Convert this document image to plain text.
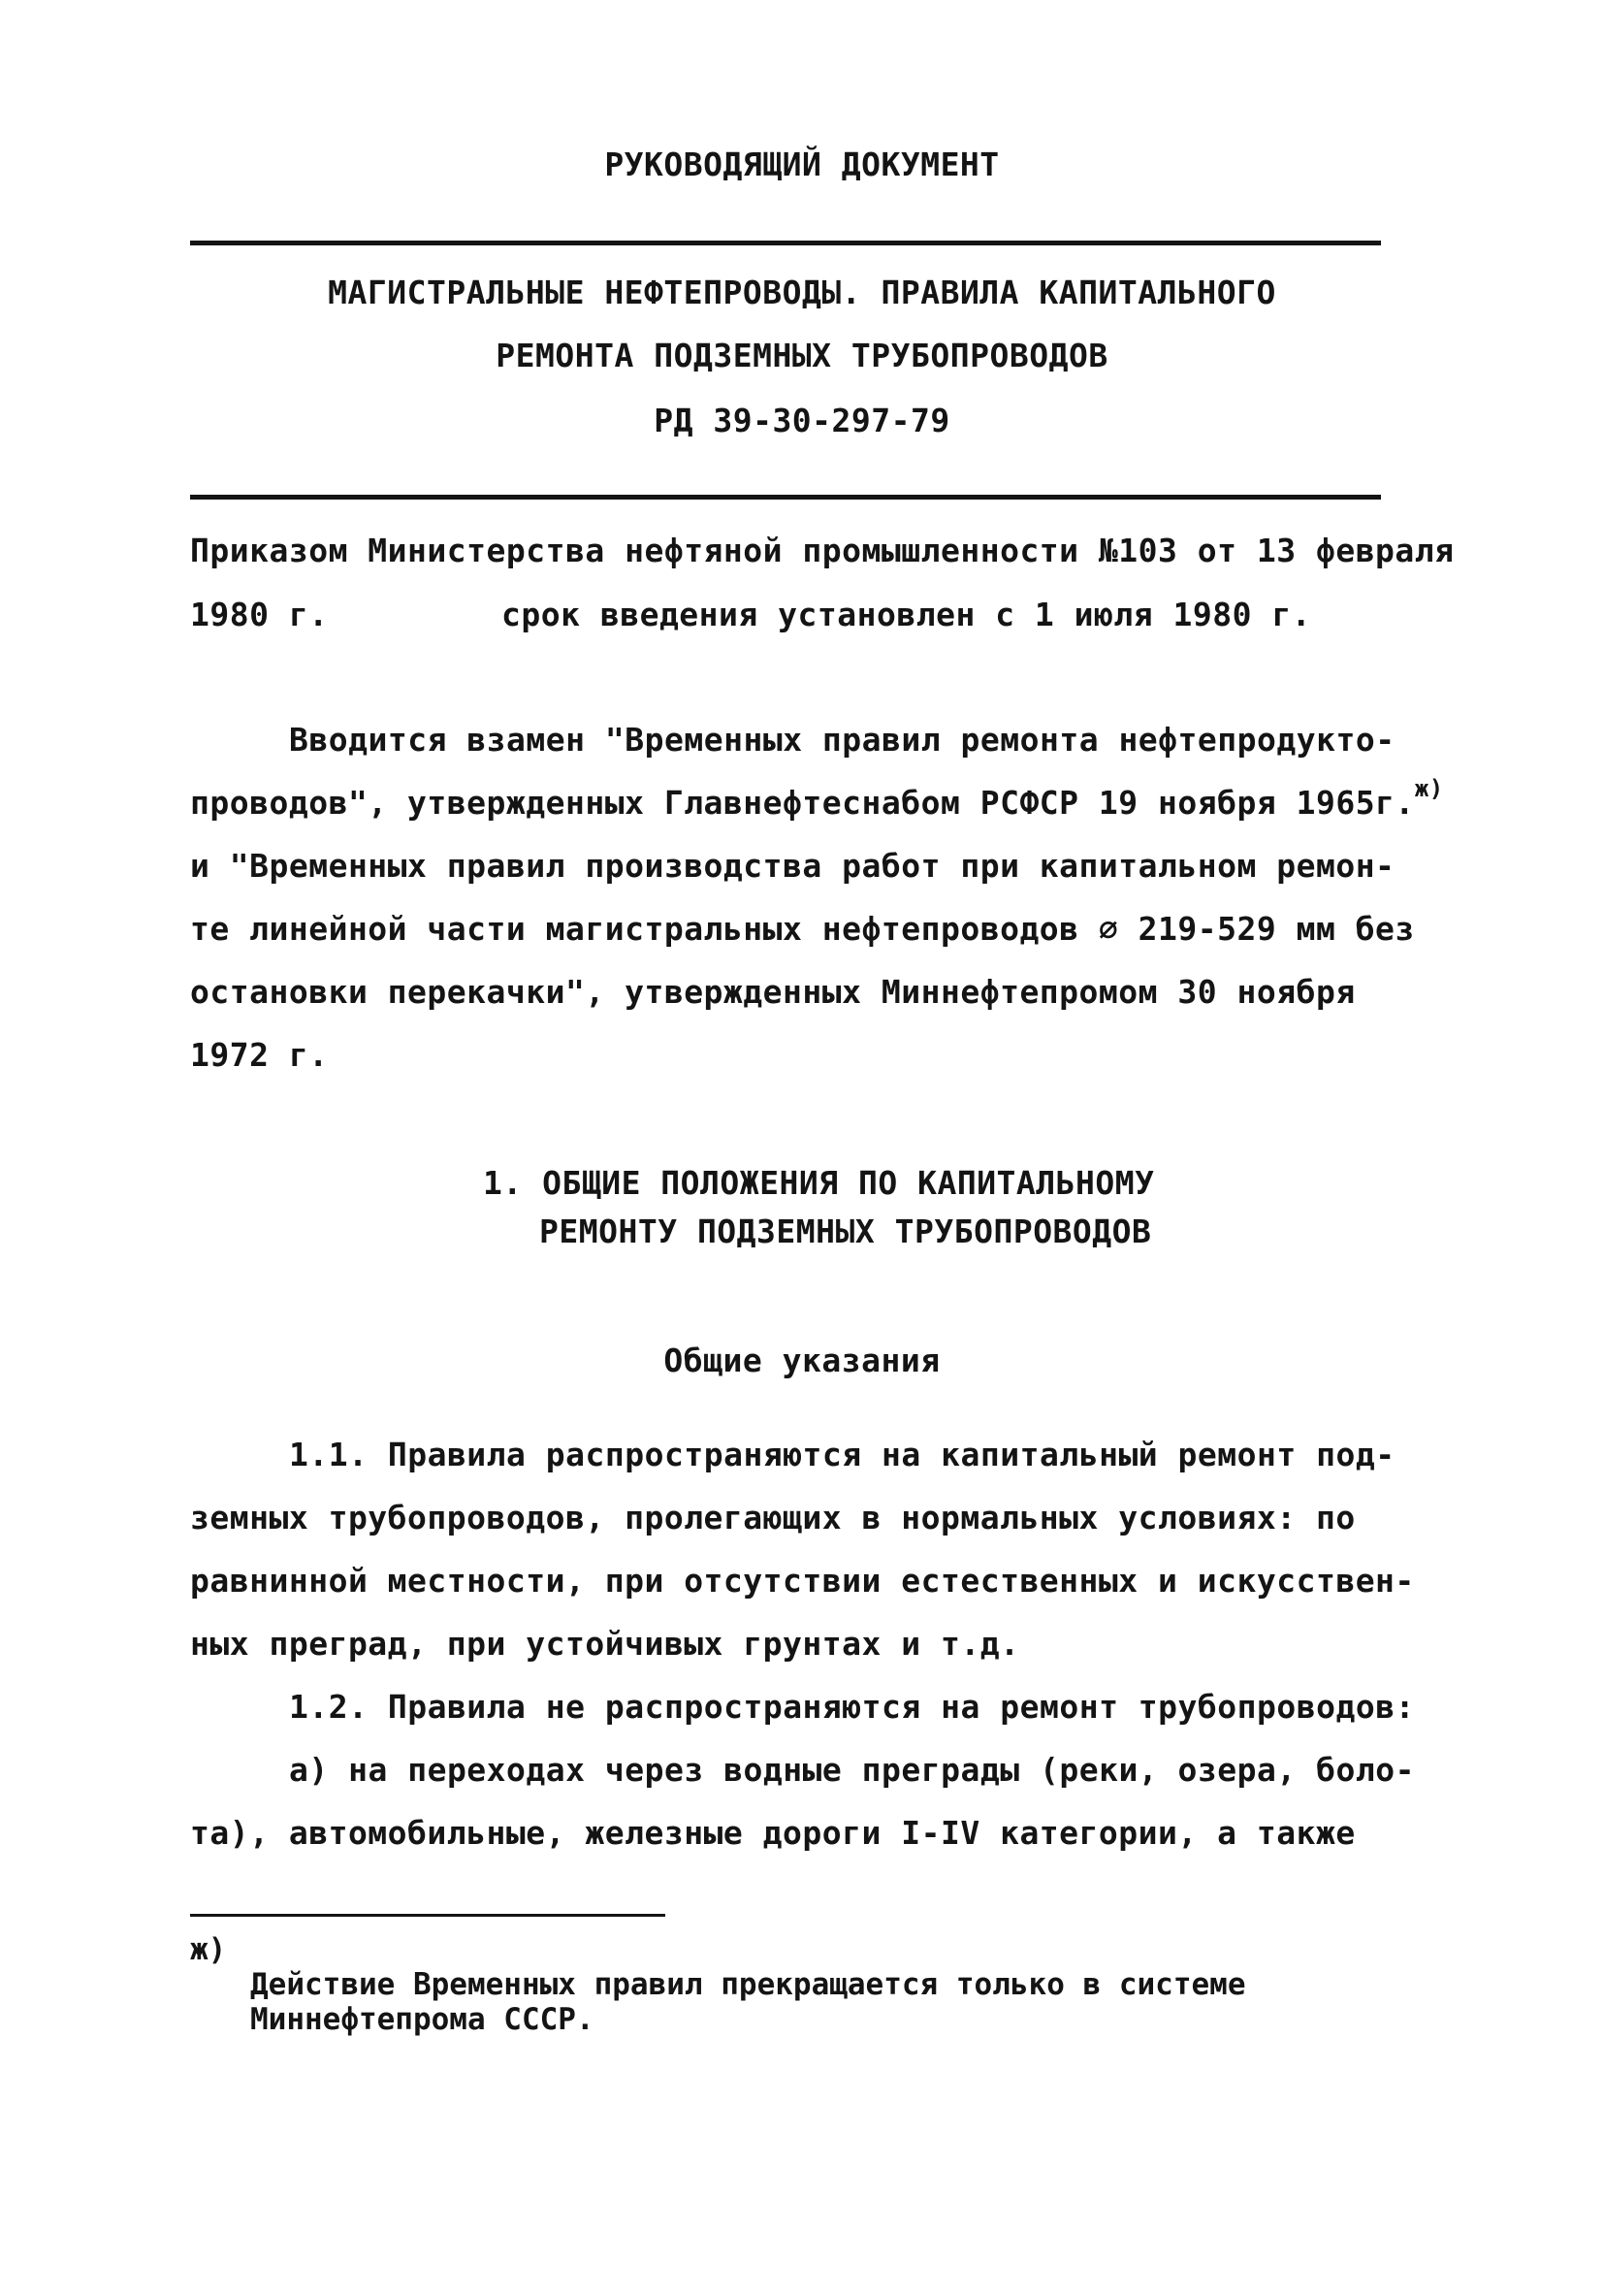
РУКОВОДЯЩИЙ ДОКУМЕНТ
МАГИСТРАЛЬНЫЕ НЕФТЕПРОВОДЫ. ПРАВИЛА КАПИТАЛЬНОГО
РЕМОНТА ПОДЗЕМНЫХ ТРУБОПРОВОДОВ
РД 39-30-297-79
Приказом Министерства нефтяной промышленности №103 от 13 февраля
1980 г.	срок введения установлен с 1 июля 1980 г.
Вводится взамен "Временных правил ремонта нефтепродукто-
проводов", утвержденных Главнефтеснабом РСФСР 19 ноября 1965г.$^{ж)}$
и "Временных правил производства работ при капитальном ремон-
те линейной части магистральных нефтепроводов ∅ 219-529 мм без
остановки перекачки", утвержденных Миннефтепромом 30 ноября
1972 г.
1. ОБЩИЕ ПОЛОЖЕНИЯ ПО КАПИТАЛЬНОМУ
РЕМОНТУ ПОДЗЕМНЫХ ТРУБОПРОВОДОВ
Общие указания
1.1. Правила распространяются на капитальный ремонт под-
земных трубопроводов, пролегающих в нормальных условиях: по
равнинной местности, при отсутствии естественных и искусствен-
ных преград, при устойчивых грунтах и т.д.
1.2. Правила не распространяются на ремонт трубопроводов:
а) на переходах через водные преграды (реки, озера, боло-
та), автомобильные, железные дороги I-IV категории, а также
ж)
Действие Временных правил прекращается только в системе
Миннефтепрома СССР.
